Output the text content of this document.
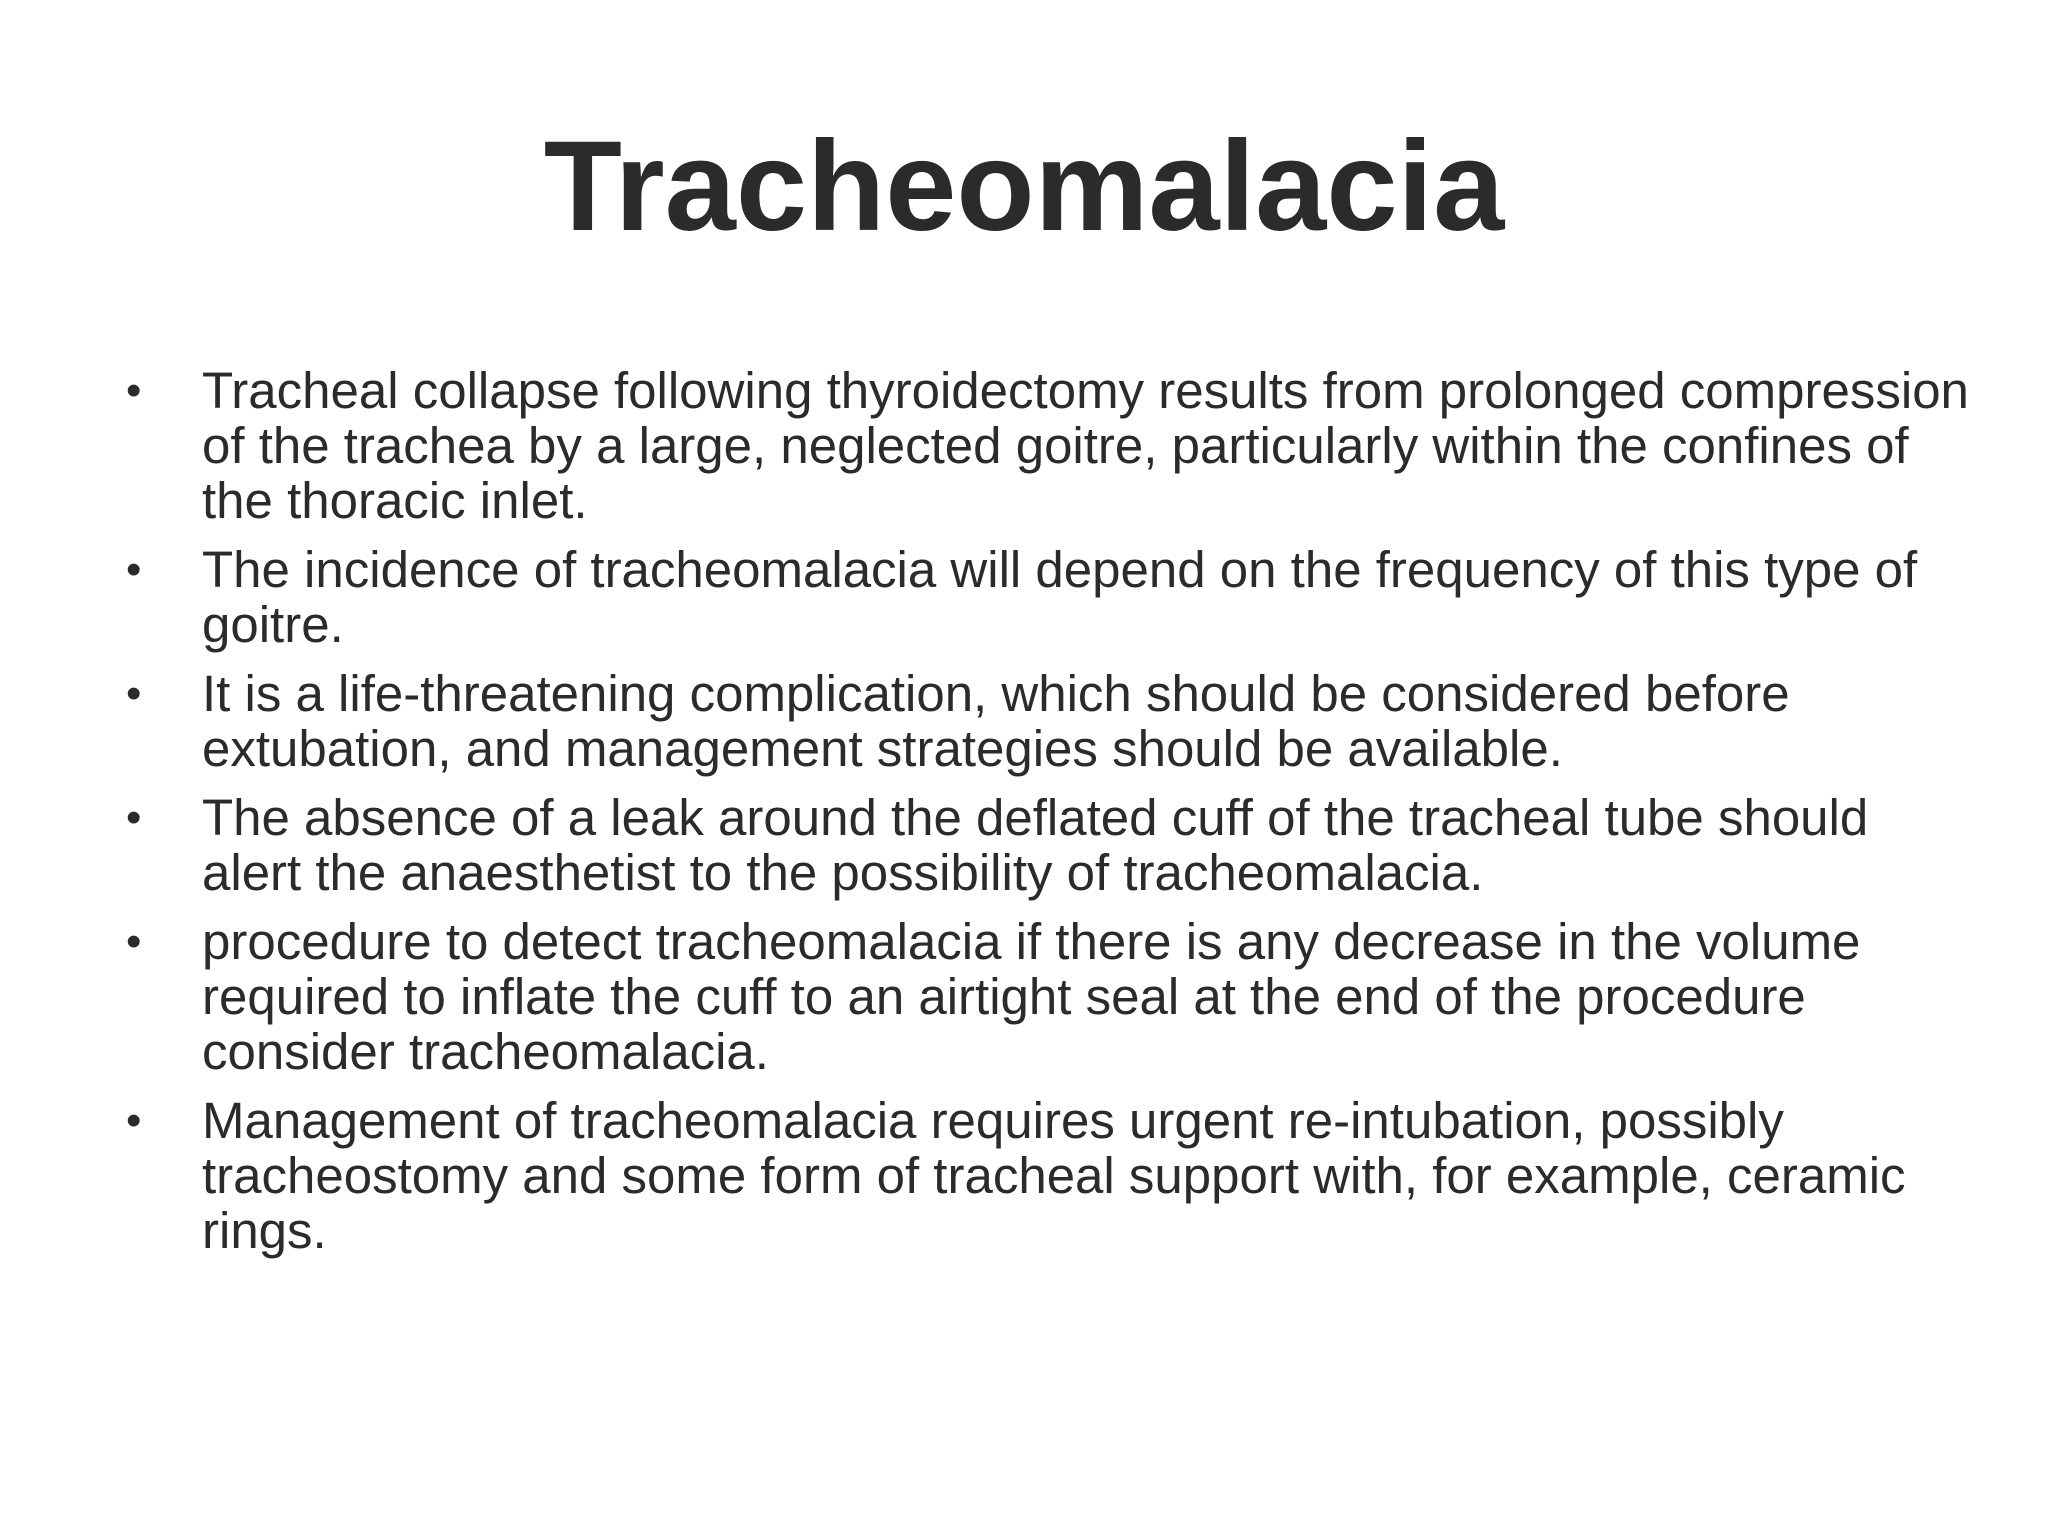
Tracheomalacia
• Tracheal collapse following thyroidectomy results from prolonged compression of the trachea by a large, neglected goitre, particularly within the confines of the thoracic inlet.
• The incidence of tracheomalacia will depend on the frequency of this type of goitre.
• It is a life-threatening complication, which should be considered before extubation, and management strategies should be available.
• The absence of a leak around the deflated cuff of the tracheal tube should alert the anaesthetist to the possibility of tracheomalacia.
• procedure to detect tracheomalacia if there is any decrease in the volume required to inflate the cuff to an airtight seal at the end of the procedure consider tracheomalacia.
• Management of tracheomalacia requires urgent re-intubation, possibly tracheostomy and some form of tracheal support with, for example, ceramic rings.
